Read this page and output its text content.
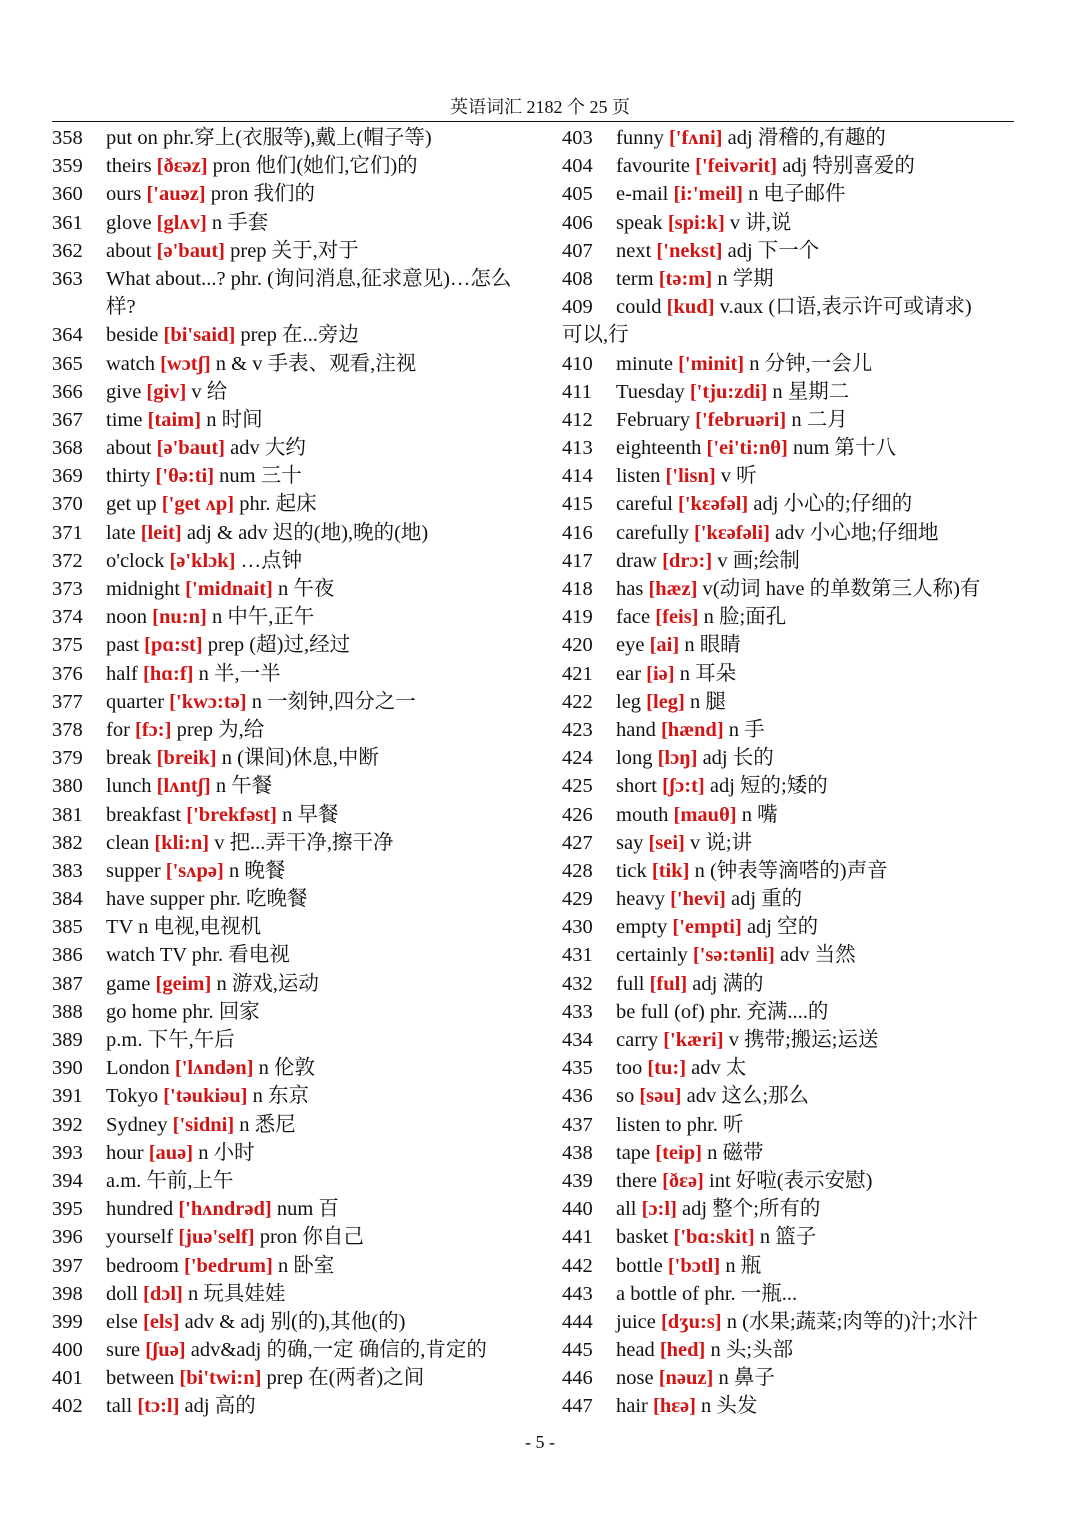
英语词汇 2182 个 25 页
358 put on phr.穿上(衣服等),戴上(帽子等)
359 theirs [ðɛəz] pron 他们(她们,它们)的
360 ours ['auəz] pron 我们的
361 glove [glʌv] n 手套
362 about [ə'baut] prep 关于,对于
363 What about...? phr. (询问消息,征求意见)…怎么样?
364 beside [bi'said] prep 在...旁边
365 watch [wɔtʃ] n & v 手表、观看,注视
366 give [giv] v 给
367 time [taim] n 时间
368 about [ə'baut] adv 大约
369 thirty ['θə:ti] num 三十
370 get up ['get ʌp] phr. 起床
371 late [leit] adj & adv 迟的(地),晚的(地)
372 o'clock [ə'klɔk] …点钟
373 midnight ['midnait] n 午夜
374 noon [nu:n] n 中午,正午
375 past [pɑ:st] prep (超)过,经过
376 half [hɑ:f] n 半,一半
377 quarter ['kwɔ:tə] n 一刻钟,四分之一
378 for [fɔ:] prep 为,给
379 break [breik] n (课间)休息,中断
380 lunch [lʌntʃ] n 午餐
381 breakfast ['brekfəst] n 早餐
382 clean [kli:n] v 把...弄干净,擦干净
383 supper ['sʌpə] n 晚餐
384 have supper phr. 吃晚餐
385 TV n 电视,电视机
386 watch TV phr. 看电视
387 game [geim] n 游戏,运动
388 go home phr. 回家
389 p.m. 下午,午后
390 London ['lʌndən] n 伦敦
391 Tokyo ['təukiəu] n 东京
392 Sydney ['sidni] n 悉尼
393 hour [auə] n 小时
394 a.m. 午前,上午
395 hundred ['hʌndrəd] num 百
396 yourself [juə'self] pron 你自己
397 bedroom ['bedrum] n 卧室
398 doll [dɔl] n 玩具娃娃
399 else [els] adv & adj 别(的),其他(的)
400 sure [ʃuə] adv&adj 的确,一定 确信的,肯定的
401 between [bi'twi:n] prep 在(两者)之间
402 tall [tɔ:l] adj 高的
403 funny ['fʌni] adj 滑稽的,有趣的
404 favourite ['feivərit] adj 特别喜爱的
405 e-mail [i:'meil] n 电子邮件
406 speak [spi:k] v 讲,说
407 next ['nekst] adj 下一个
408 term [tə:m] n 学期
409 could [kud] v.aux (口语,表示许可或请求)
可以,行
410 minute ['minit] n 分钟,一会儿
411 Tuesday ['tju:zdi] n 星期二
412 February ['februəri] n 二月
413 eighteenth ['ei'ti:nθ] num 第十八
414 listen ['lisn] v 听
415 careful ['kɛəfəl] adj 小心的;仔细的
416 carefully ['kɛəfəli] adv 小心地;仔细地
417 draw [drɔ:] v 画;绘制
418 has [hæz] v(动词 have 的单数第三人称)有
419 face [feis] n 脸;面孔
420 eye [ai] n 眼睛
421 ear [iə] n 耳朵
422 leg [leg] n 腿
423 hand [hænd] n 手
424 long [lɔŋ] adj 长的
425 short [ʃɔ:t] adj 短的;矮的
426 mouth [mauθ] n 嘴
427 say [sei] v 说;讲
428 tick [tik] n (钟表等滴嗒的)声音
429 heavy ['hevi] adj 重的
430 empty ['empti] adj 空的
431 certainly ['sə:tənli] adv 当然
432 full [ful] adj 满的
433 be full (of) phr. 充满....的
434 carry ['kæri] v 携带;搬运;运送
435 too [tu:] adv 太
436 so [səu] adv 这么;那么
437 listen to phr. 听
438 tape [teip] n 磁带
439 there [ðɛə] int 好啦(表示安慰)
440 all [ɔ:l] adj 整个;所有的
441 basket ['bɑ:skit] n 篮子
442 bottle ['bɔtl] n 瓶
443 a bottle of phr. 一瓶...
444 juice [dʒu:s] n (水果;蔬菜;肉等的)汁;水汁
445 head [hed] n 头;头部
446 nose [nəuz] n 鼻子
447 hair [hɛə] n 头发
- 5 -
